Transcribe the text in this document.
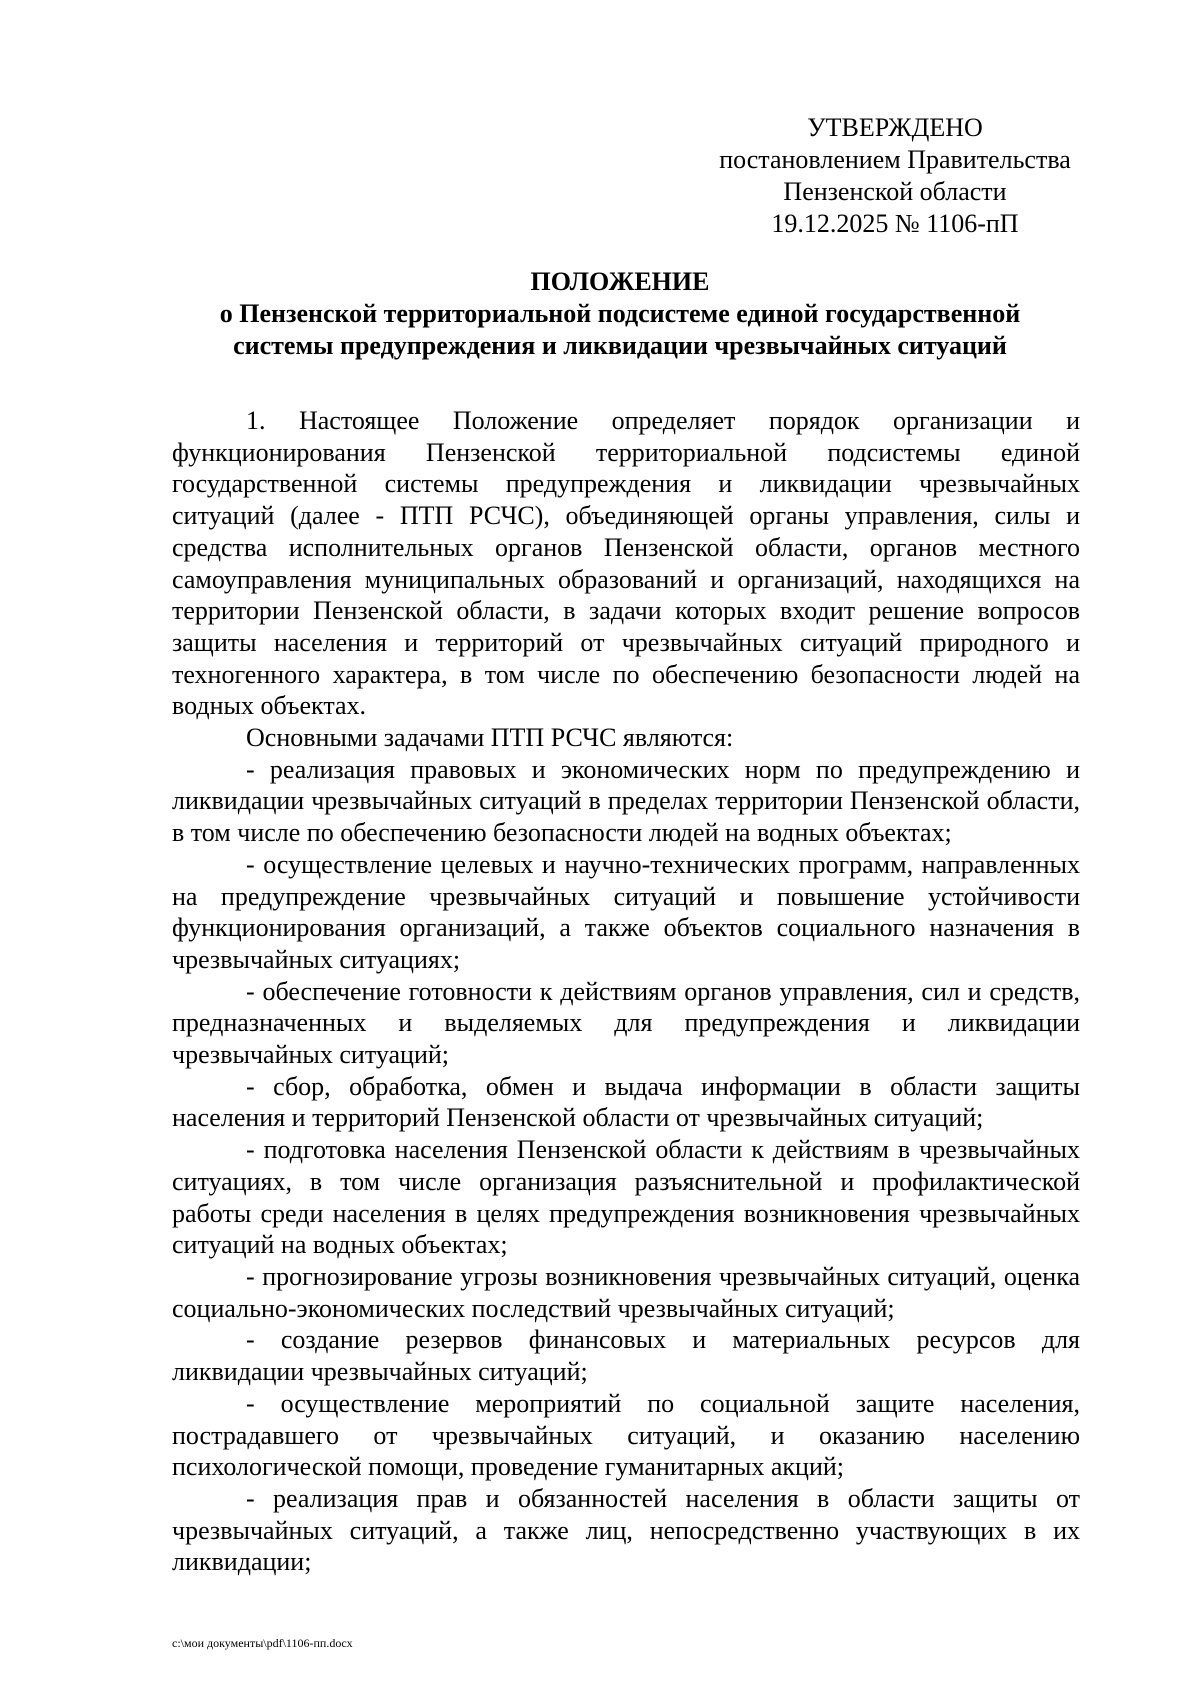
УТВЕРЖДЕНО
постановлением Правительства
Пензенской области
19.12.2025 № 1106-пП
ПОЛОЖЕНИЕ
о Пензенской территориальной подсистеме единой государственной
системы предупреждения и ликвидации чрезвычайных ситуаций

1. Настоящее Положение определяет порядок организации и функционирования Пензенской территориальной подсистемы единой государственной системы предупреждения и ликвидации чрезвычайных ситуаций (далее - ПТП РСЧС), объединяющей органы управления, силы и средства исполнительных органов Пензенской области, органов местного самоуправления муниципальных образований и организаций, находящихся на территории Пензенской области, в задачи которых входит решение вопросов защиты населения и территорий от чрезвычайных ситуаций природного и техногенного характера, в том числе по обеспечению безопасности людей на водных объектах.

Основными задачами ПТП РСЧС являются:

- реализация правовых и экономических норм по предупреждению и ликвидации чрезвычайных ситуаций в пределах территории Пензенской области, в том числе по обеспечению безопасности людей на водных объектах;

- осуществление целевых и научно-технических программ, направленных на предупреждение чрезвычайных ситуаций и повышение устойчивости функционирования организаций, а также объектов социального назначения в чрезвычайных ситуациях;

- обеспечение готовности к действиям органов управления, сил и средств, предназначенных и выделяемых для предупреждения и ликвидации чрезвычайных ситуаций;

- сбор, обработка, обмен и выдача информации в области защиты населения и территорий Пензенской области от чрезвычайных ситуаций;

- подготовка населения Пензенской области к действиям в чрезвычайных ситуациях, в том числе организация разъяснительной и профилактической работы среди населения в целях предупреждения возникновения чрезвычайных ситуаций на водных объектах;

- прогнозирование угрозы возникновения чрезвычайных ситуаций, оценка социально-экономических последствий чрезвычайных ситуаций;

- создание резервов финансовых и материальных ресурсов для ликвидации чрезвычайных ситуаций;

- осуществление мероприятий по социальной защите населения, пострадавшего от чрезвычайных ситуаций, и оказанию населению психологической помощи, проведение гуманитарных акций;

- реализация прав и обязанностей населения в области защиты от чрезвычайных ситуаций, а также лиц, непосредственно участвующих в их ликвидации;

c:\мои документы\pdf\1106-пп.docx
